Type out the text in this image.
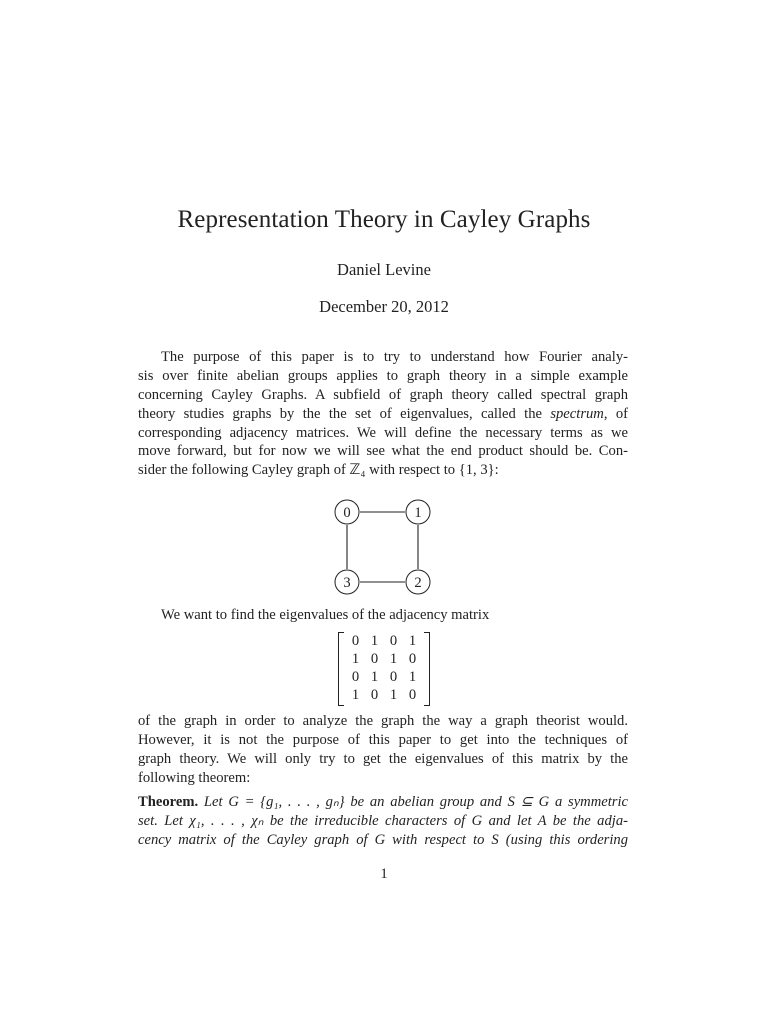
Representation Theory in Cayley Graphs
Daniel Levine
December 20, 2012
The purpose of this paper is to try to understand how Fourier analy-
sis over finite abelian groups applies to graph theory in a simple example
concerning Cayley Graphs. A subfield of graph theory called spectral graph
theory studies graphs by the the set of eigenvalues, called the spectrum, of
corresponding adjacency matrices. We will define the necessary terms as we
move forward, but for now we will see what the end product should be. Con-
sider the following Cayley graph of ℤ₄ with respect to {1, 3}:
0	1
2
3
We want to find the eigenvalues of the adjacency matrix
0	1	0	1
1	0	1	0
0	1	0	1
1	0	1	0
of the graph in order to analyze the graph the way a graph theorist would.
However, it is not the purpose of this paper to get into the techniques of
graph theory. We will only try to get the eigenvalues of this matrix by the
following theorem:
Theorem. Let G = {g₁, . . . , gₙ} be an abelian group and S ⊆ G a symmetric
set. Let χ₁, . . . , χₙ be the irreducible characters of G and let A be the adja-
cency matrix of the Cayley graph of G with respect to S (using this ordering
1
